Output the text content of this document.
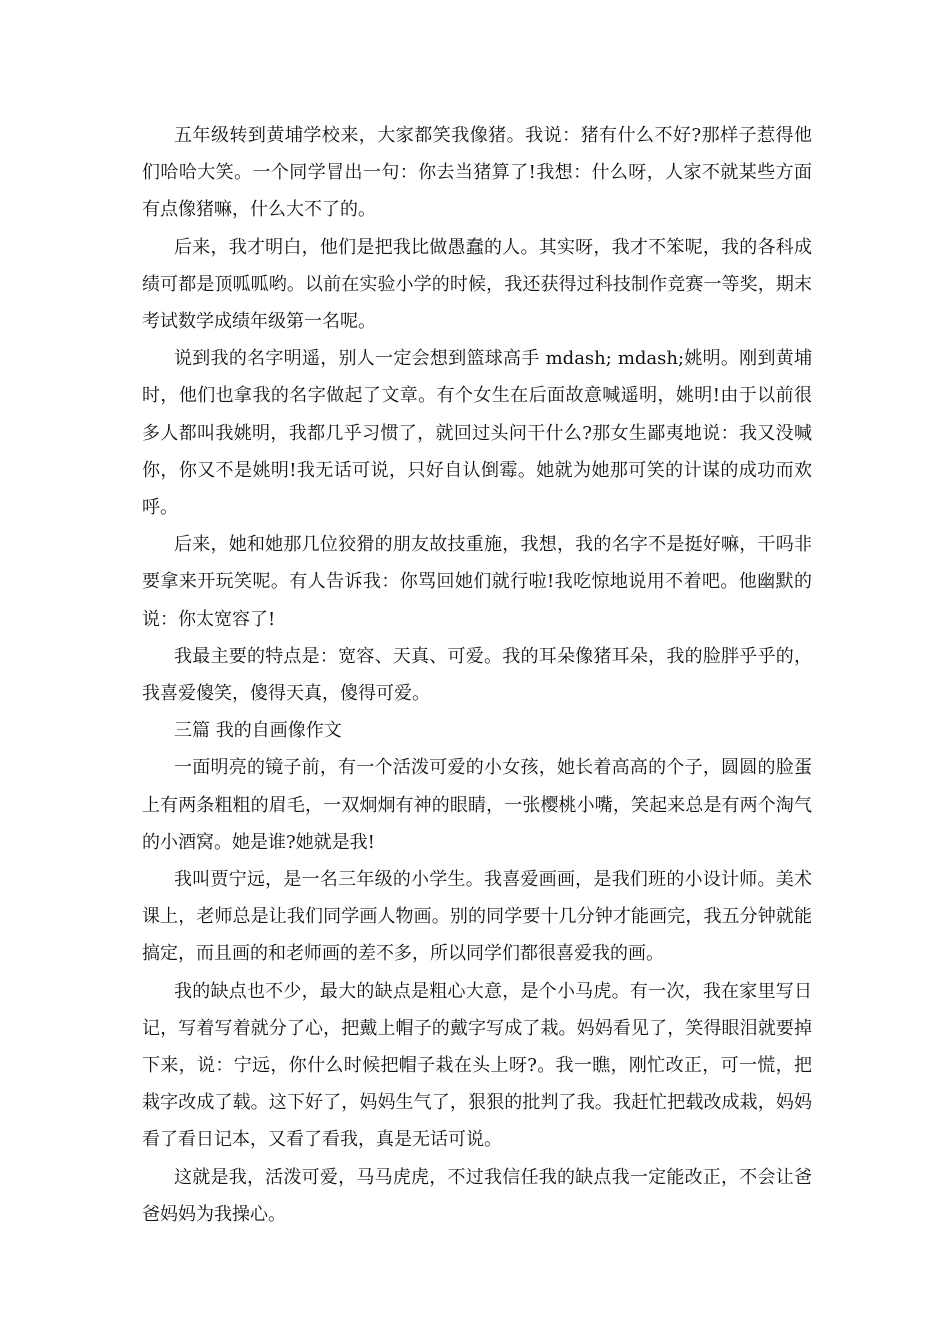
五年级转到黄埔学校来，大家都笑我像猪。我说：猪有什么不好?那样子惹得他们哈哈大笑。一个同学冒出一句：你去当猪算了!我想：什么呀，人家不就某些方面有点像猪嘛，什么大不了的。

后来，我才明白，他们是把我比做愚蠢的人。其实呀，我才不笨呢，我的各科成绩可都是顶呱呱哟。以前在实验小学的时候，我还获得过科技制作竞赛一等奖，期末考试数学成绩年级第一名呢。

说到我的名字明遥，别人一定会想到篮球高手 mdash; mdash;姚明。刚到黄埔时，他们也拿我的名字做起了文章。有个女生在后面故意喊遥明，姚明!由于以前很多人都叫我姚明，我都几乎习惯了，就回过头问干什么?那女生鄙夷地说：我又没喊你，你又不是姚明!我无话可说，只好自认倒霉。她就为她那可笑的计谋的成功而欢呼。

后来，她和她那几位狡猾的朋友故技重施，我想，我的名字不是挺好嘛，干吗非要拿来开玩笑呢。有人告诉我：你骂回她们就行啦!我吃惊地说用不着吧。他幽默的说：你太宽容了!

我最主要的特点是：宽容、天真、可爱。我的耳朵像猪耳朵，我的脸胖乎乎的，我喜爱傻笑，傻得天真，傻得可爱。

三篇 我的自画像作文

一面明亮的镜子前，有一个活泼可爱的小女孩，她长着高高的个子，圆圆的脸蛋上有两条粗粗的眉毛，一双炯炯有神的眼睛，一张樱桃小嘴，笑起来总是有两个淘气的小酒窝。她是谁?她就是我!

我叫贾宁远，是一名三年级的小学生。我喜爱画画，是我们班的小设计师。美术课上，老师总是让我们同学画人物画。别的同学要十几分钟才能画完，我五分钟就能搞定，而且画的和老师画的差不多，所以同学们都很喜爱我的画。

我的缺点也不少，最大的缺点是粗心大意，是个小马虎。有一次，我在家里写日记，写着写着就分了心，把戴上帽子的戴字写成了栽。妈妈看见了，笑得眼泪就要掉下来，说：宁远，你什么时候把帽子栽在头上呀?。我一瞧，刚忙改正，可一慌，把栽字改成了载。这下好了，妈妈生气了，狠狠的批判了我。我赶忙把载改成栽，妈妈看了看日记本，又看了看我，真是无话可说。

这就是我，活泼可爱，马马虎虎，不过我信任我的缺点我一定能改正，不会让爸爸妈妈为我操心。
